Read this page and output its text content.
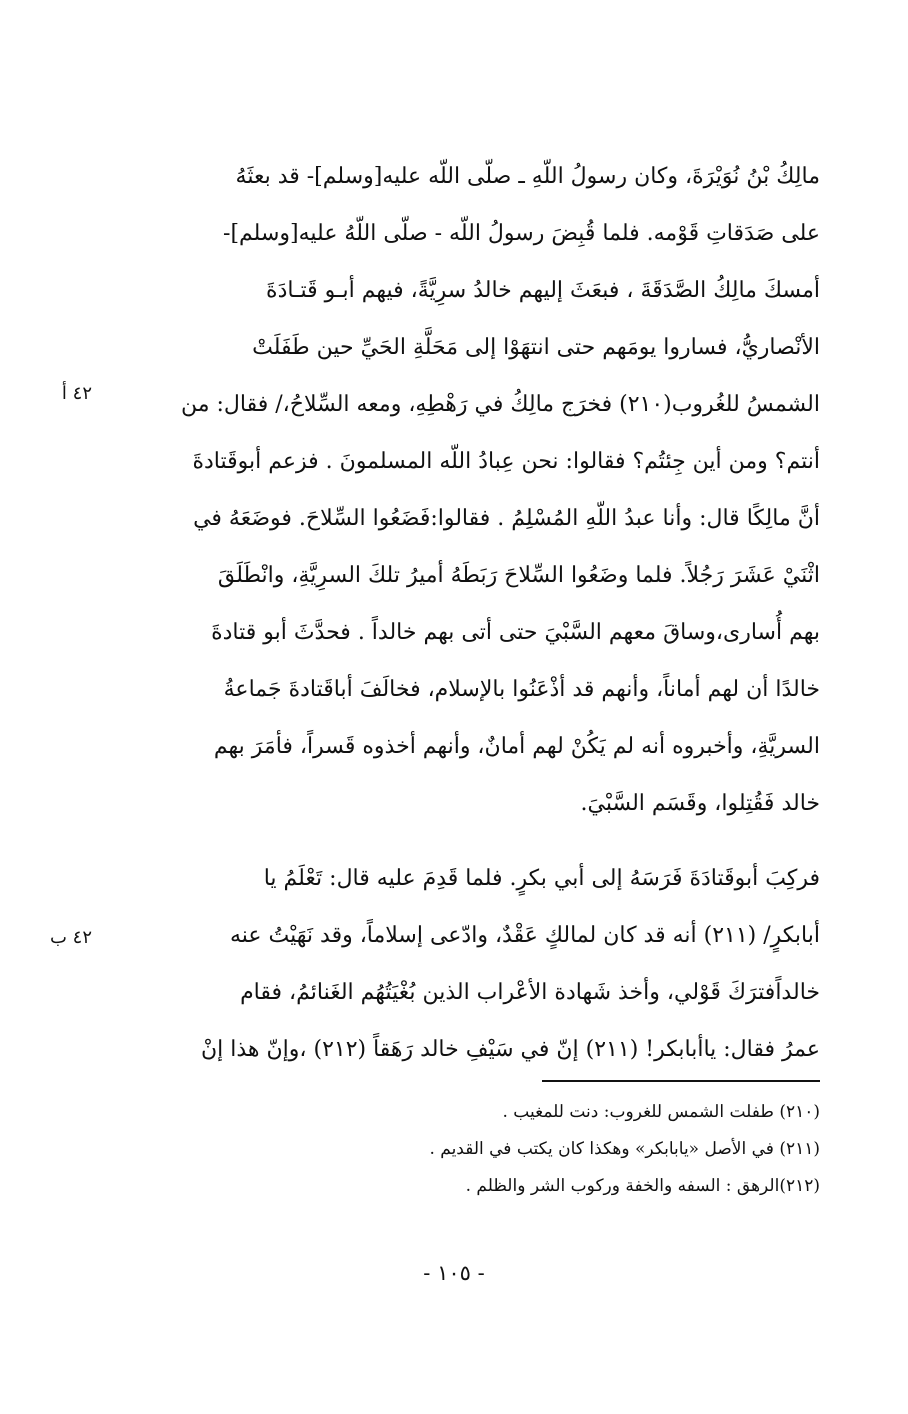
٤٢ أ
٤٢ ب
مالِكُ بْنُ نُوَيْرَةَ، وكان رسولُ اللّهِ ـ صلّى اللّه عليه[وسلم]- قد بعثَهُ
على صَدَقاتِ قَوْمه. فلما قُبِضَ رسولُ اللّه - صلّى اللّهُ عليه[وسلم]-
أمسكَ مالِكُ الصَّدَقَةَ ، فبعَثَ إليهم خالدُ سرِيَّةً، فيهم أبـو قَتـادَةَ
الأنْصاريُّ، فساروا يومَهم حتى انتهَوْا إلى مَحَلَّةِ الحَيِّ حين طَفَلَتْ
الشمسُ للغُروب(٢١٠) فخرَج مالِكُ في رَهْطِهِ، ومعه السِّلاحُ،/ فقال: من
أنتم؟ ومن أين جِئتُم؟ فقالوا: نحن عِبادُ اللّه المسلمونَ . فزعم أبوقَتادةَ
أنَّ مالِكًا قال: وأنا عبدُ اللّهِ المُسْلِمُ . فقالوا:فَضَعُوا السِّلاحَ. فوضَعَهُ في
اثْنَيْ عَشَرَ رَجُلاً. فلما وضَعُوا السِّلاحَ رَبَطَهُ أميرُ تلكَ السرِيَّةِ، وانْطَلَقَ
بهم أُسارى،وساقَ معهم السَّبْيَ حتى أتى بهم خالداً . فحدَّثَ أبو قتادةَ
خالدًا أن لهم أماناً، وأنهم قد أذْعَنُوا بالإسلام، فخالَفَ أباقَتادةَ جَماعةُ
السريَّةِ، وأخبروه أنه لم يَكُنْ لهم أمانٌ، وأنهم أخذوه قَسراً، فأمَرَ بهم
خالد فَقُتِلوا، وقَسَم السَّبْيَ.
فركِبَ أبوقَتادَةَ فَرَسَهُ إلى أبي بكرٍ. فلما قَدِمَ عليه قال: تَعْلَمُ يا
أبابكرٍ/ (٢١١) أنه قد كان لمالكٍ عَقْدٌ، وادّعى إسلاماً، وقد نَهَيْتُ عنه
خالداًفترَكَ قَوْلي، وأخذ شَهادة الأعْراب الذين بُغْيَتُهُم الغَنائمُ، فقام
عمرُ فقال: ياأبابكر! (٢١١) إنّ في سَيْفِ خالد رَهَقاً (٢١٢) ،وإنّ هذا إنْ
(٢١٠) طفلت الشمس للغروب: دنت للمغيب .
(٢١١) في الأصل «يابابكر» وهكذا كان يكتب في القديم .
(٢١٢)الرهق : السفه والخفة وركوب الشر والظلم .
- ١٠٥ -
